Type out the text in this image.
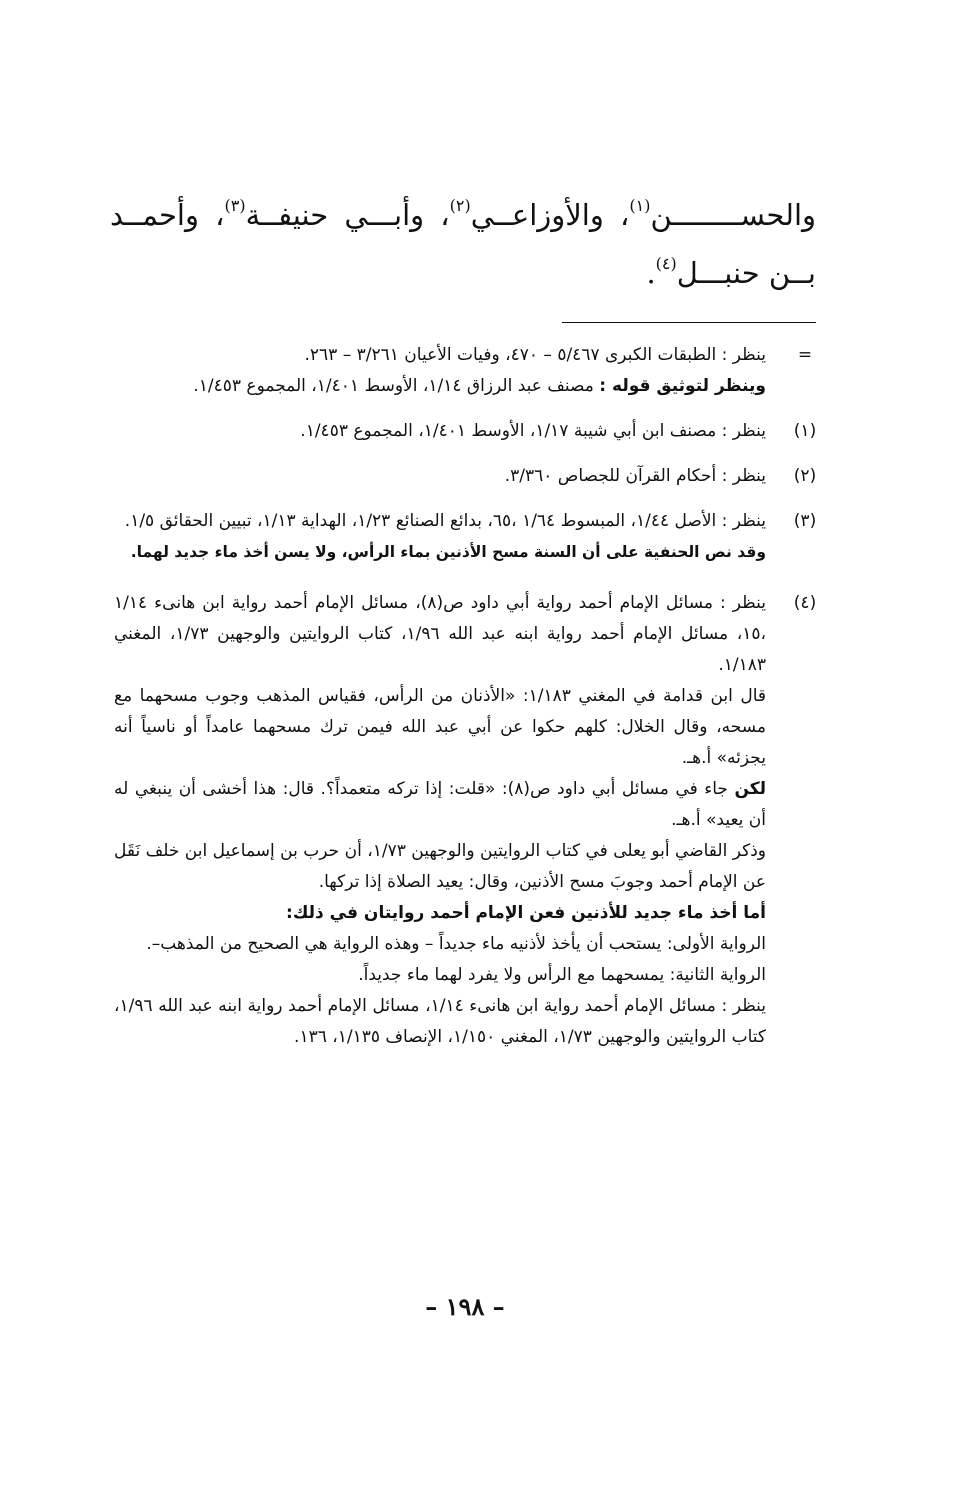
والحســــــــن$^{(١)}$، والأوزاعــي$^{(٢)}$، وأبـــي حنيفــة$^{(٣)}$، وأحمــد بــن حنبـــل$^{(٤)}$.
=

ينظر : الطبقات الكبرى ٥/٤٦٧ – ٤٧٠، وفيات الأعيان ٣/٢٦١ – ٢٦٣.

وينظر لتوثيق قوله : مصنف عبد الرزاق ١/١٤، الأوسط ١/٤٠١، المجموع ١/٤٥٣.

(١)

ينظر : مصنف ابن أبي شيبة ١/١٧، الأوسط ١/٤٠١، المجموع ١/٤٥٣.

(٢)

ينظر : أحكام القرآن للجصاص ٣/٣٦٠.

(٣)

ينظر : الأصل ١/٤٤، المبسوط ١/٦٤ ،٦٥، بدائع الصنائع ١/٢٣، الهداية ١/١٣، تبيين الحقائق ١/٥.

وقد نص الحنفية على أن السنة مسح الأذنين بماء الرأس، ولا يسن أخذ ماء جديد لهما.

(٤)

ينظر : مسائل الإمام أحمد رواية أبي داود ص(٨)، مسائل الإمام أحمد رواية ابن هانىء ١/١٤ ،١٥، مسائل الإمام أحمد رواية ابنه عبد الله ١/٩٦، كتاب الروايتين والوجهين ١/٧٣، المغني ١/١٨٣.

قال ابن قدامة في المغني ١/١٨٣: «الأذنان من الرأس، فقياس المذهب وجوب مسحهما مع مسحه، وقال الخلال: كلهم حكوا عن أبي عبد الله فيمن ترك مسحهما عامداً أو ناسياً أنه يجزئه» أ.هـ.

لكن جاء في مسائل أبي داود ص(٨): «قلت: إذا تركه متعمداً؟. قال: هذا أخشى أن ينبغي له أن يعيد» أ.هـ.

وذكر القاضي أبو يعلى في كتاب الروايتين والوجهين ١/٧٣، أن حرب بن إسماعيل ابن خلف نَقَل عن الإمام أحمد وجوبَ مسح الأذنين، وقال: يعيد الصلاة إذا تركها.

أما أخذ ماء جديد للأذنين فعن الإمام أحمد روايتان في ذلك:

الرواية الأولى: يستحب أن يأخذ لأذنيه ماء جديداً – وهذه الرواية هي الصحيح من المذهب–.

الرواية الثانية: يمسحهما مع الرأس ولا يفرد لهما ماء جديداً.

ينظر : مسائل الإمام أحمد رواية ابن هانىء ١/١٤، مسائل الإمام أحمد رواية ابنه عبد الله ١/٩٦، كتاب الروايتين والوجهين ١/٧٣، المغني ١/١٥٠، الإنصاف ١/١٣٥، ١٣٦.

– ١٩٨ –
